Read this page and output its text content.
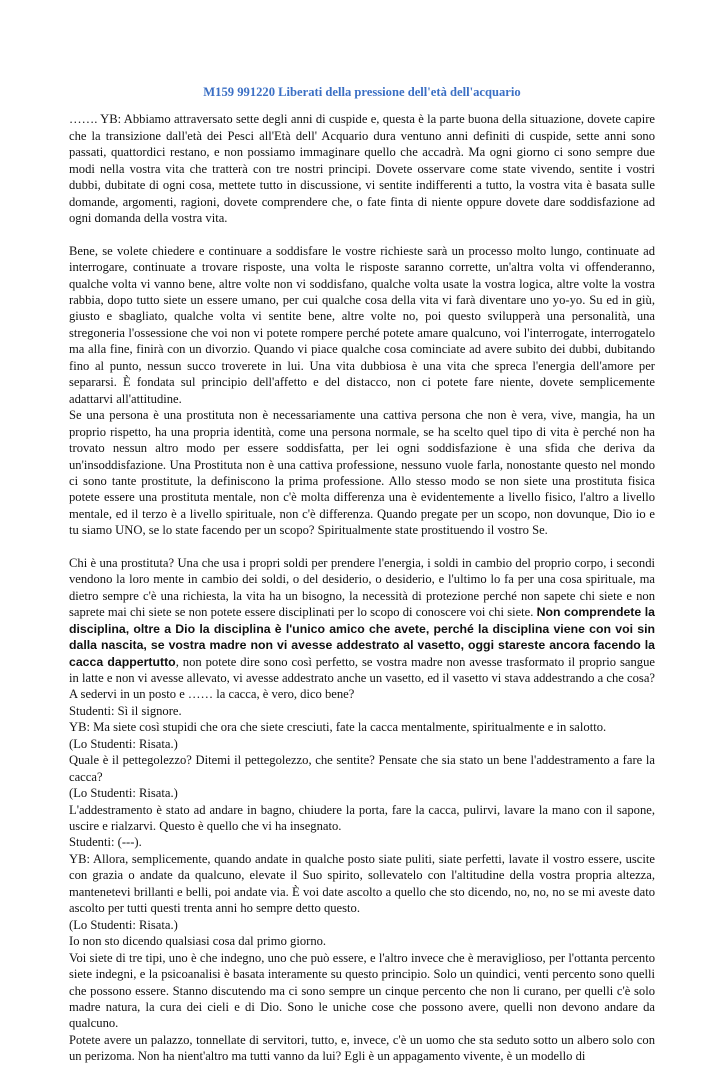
M159 991220 Liberati della pressione dell'età dell'acquario

……. YB: Abbiamo attraversato sette degli anni di cuspide e, questa è la parte buona della situazione, dovete capire che la transizione dall'età dei Pesci all'Età dell' Acquario dura ventuno anni definiti di cuspide, sette anni sono passati, quattordici restano, e non possiamo immaginare quello che accadrà. Ma ogni giorno ci sono sempre due modi nella vostra vita che tratterà con tre nostri principi. Dovete osservare come state vivendo, sentite i vostri dubbi, dubitate di ogni cosa, mettete tutto in discussione, vi sentite indifferenti a tutto, la vostra vita è basata sulle domande, argomenti, ragioni, dovete comprendere che, o fate finta di niente oppure dovete dare soddisfazione ad ogni domanda della vostra vita.

Bene, se volete chiedere e continuare a soddisfare le vostre richieste sarà un processo molto lungo, continuate ad interrogare, continuate a trovare risposte, una volta le risposte saranno corrette, un'altra volta vi offenderanno, qualche volta vi vanno bene, altre volte non vi soddisfano, qualche volta usate la vostra logica, altre volte la vostra rabbia, dopo tutto siete un essere umano, per cui qualche cosa della vita vi farà diventare uno yo-yo. Su ed in giù, giusto e sbagliato, qualche volta vi sentite bene, altre volte no, poi questo svilupperà una personalità, una stregoneria l'ossessione che voi non vi potete rompere perché potete amare qualcuno, voi l'interrogate, interrogatelo ma alla fine, finirà con un divorzio. Quando vi piace qualche cosa cominciate ad avere subito dei dubbi, dubitando fino al punto, nessun succo troverete in lui. Una vita dubbiosa è una vita che spreca l'energia dell'amore per separarsi. È fondata sul principio dell'affetto e del distacco, non ci potete fare niente, dovete semplicemente adattarvi all'attitudine.

Se una persona è una prostituta non è necessariamente una cattiva persona che non è vera, vive, mangia, ha un proprio rispetto, ha una propria identità, come una persona normale, se ha scelto quel tipo di vita è perché non ha trovato nessun altro modo per essere soddisfatta, per lei ogni soddisfazione è una sfida che deriva da un'insoddisfazione. Una Prostituta non è una cattiva professione, nessuno vuole farla, nonostante questo nel mondo ci sono tante prostitute, la definiscono la prima professione. Allo stesso modo se non siete una prostituta fisica potete essere una prostituta mentale, non c'è molta differenza una è evidentemente a livello fisico, l'altro a livello mentale, ed il terzo è a livello spirituale, non c'è differenza. Quando pregate per un scopo, non dovunque, Dio io e tu siamo UNO, se lo state facendo per un scopo? Spiritualmente state prostituendo il vostro Se.

Chi è una prostituta? Una che usa i propri soldi per prendere l'energia, i soldi in cambio del proprio corpo, i secondi vendono la loro mente in cambio dei soldi, o del desiderio, o desiderio, e l'ultimo lo fa per una cosa spirituale, ma dietro sempre c'è una richiesta, la vita ha un bisogno, la necessità di protezione perché non sapete chi siete e non saprete mai chi siete se non potete essere disciplinati per lo scopo di conoscere voi chi siete. Non comprendete la disciplina, oltre a Dio la disciplina è l'unico amico che avete, perché la disciplina viene con voi sin dalla nascita, se vostra madre non vi avesse addestrato al vasetto, oggi stareste ancora facendo la cacca dappertutto, non potete dire sono così perfetto, se vostra madre non avesse trasformato il proprio sangue in latte e non vi avesse allevato, vi avesse addestrato anche un vasetto, ed il vasetto vi stava addestrando a che cosa? A sedervi in un posto e …… la cacca, è vero, dico bene?

Studenti: Sì il signore.

YB: Ma siete così stupidi che ora che siete cresciuti, fate la cacca mentalmente, spiritualmente e in salotto.

(Lo Studenti: Risata.)

Quale è il pettegolezzo? Ditemi il pettegolezzo, che sentite? Pensate che sia stato un bene l'addestramento a fare la cacca?

(Lo Studenti: Risata.)

L'addestramento è stato ad andare in bagno, chiudere la porta, fare la cacca, pulirvi, lavare la mano con il sapone, uscire e rialzarvi. Questo è quello che vi ha insegnato.

Studenti: (---).

YB: Allora, semplicemente, quando andate in qualche posto siate puliti, siate perfetti, lavate il vostro essere, uscite con grazia o andate da qualcuno, elevate il Suo spirito, sollevatelo con l'altitudine della vostra propria altezza, mantenetevi brillanti e belli, poi andate via. È voi date ascolto a quello che sto dicendo, no, no, no se mi aveste dato ascolto per tutti questi trenta anni ho sempre detto questo.

(Lo Studenti: Risata.)

Io non sto dicendo qualsiasi cosa dal primo giorno.

Voi siete di tre tipi, uno è che indegno, uno che può essere, e l'altro invece che è meraviglioso, per l'ottanta percento siete indegni, e la psicoanalisi è basata interamente su questo principio. Solo un quindici, venti percento sono quelli che possono essere. Stanno discutendo ma ci sono sempre un cinque percento che non li curano, per quelli c'è solo madre natura, la cura dei cieli e di Dio. Sono le uniche cose che possono avere, quelli non devono andare da qualcuno.

Potete avere un palazzo, tonnellate di servitori, tutto, e, invece, c'è un uomo che sta seduto sotto un albero solo con un perizoma. Non ha nient'altro ma tutti vanno da lui? Egli è un appagamento vivente, è un modello di
